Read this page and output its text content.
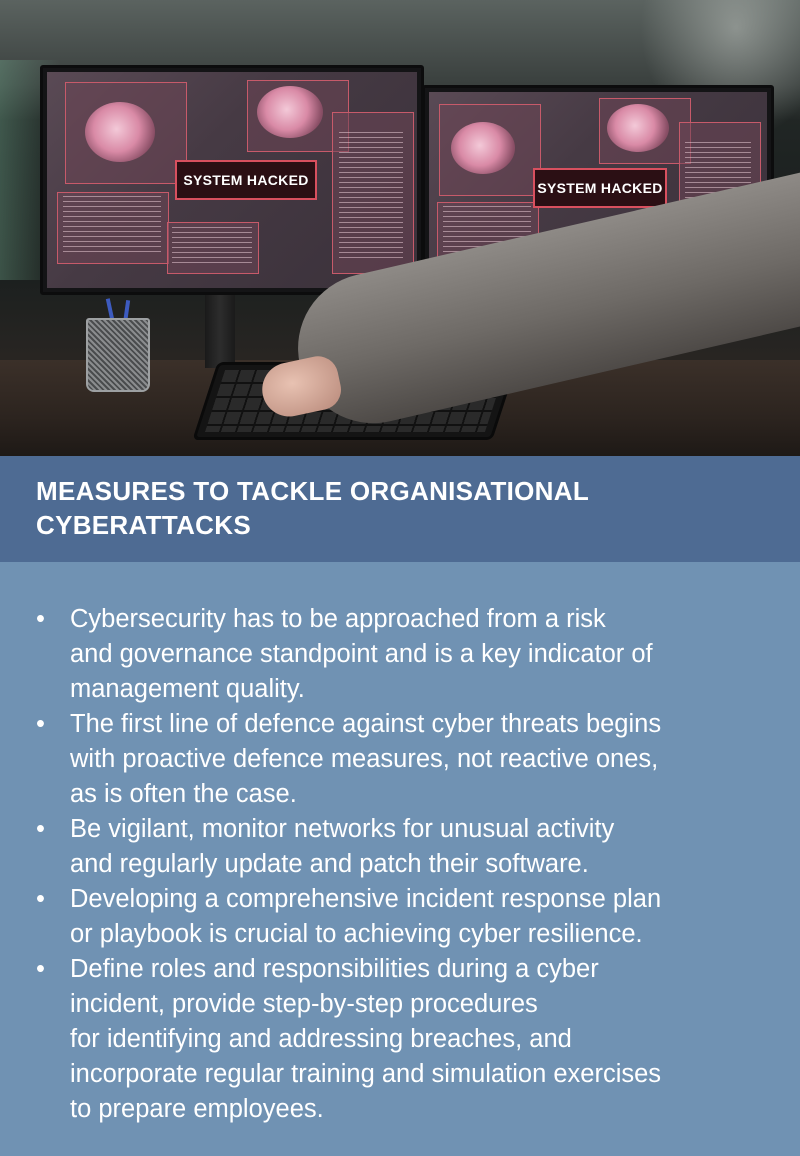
SYSTEM HACKED	SYSTEM HACKED
MEASURES TO TACKLE ORGANISATIONAL
CYBERATTACKS
• Cybersecurity has to be approached from a risk
and governance standpoint and is a key indicator of
management quality.
• The first line of defence against cyber threats begins
with proactive defence measures, not reactive ones,
as is often the case.
• Be vigilant, monitor networks for unusual activity
and regularly update and patch their software.
• Developing a comprehensive incident response plan
or playbook is crucial to achieving cyber resilience.
• Define roles and responsibilities during a cyber
incident, provide step-by-step procedures
for identifying and addressing breaches, and
incorporate regular training and simulation exercises
to prepare employees.
